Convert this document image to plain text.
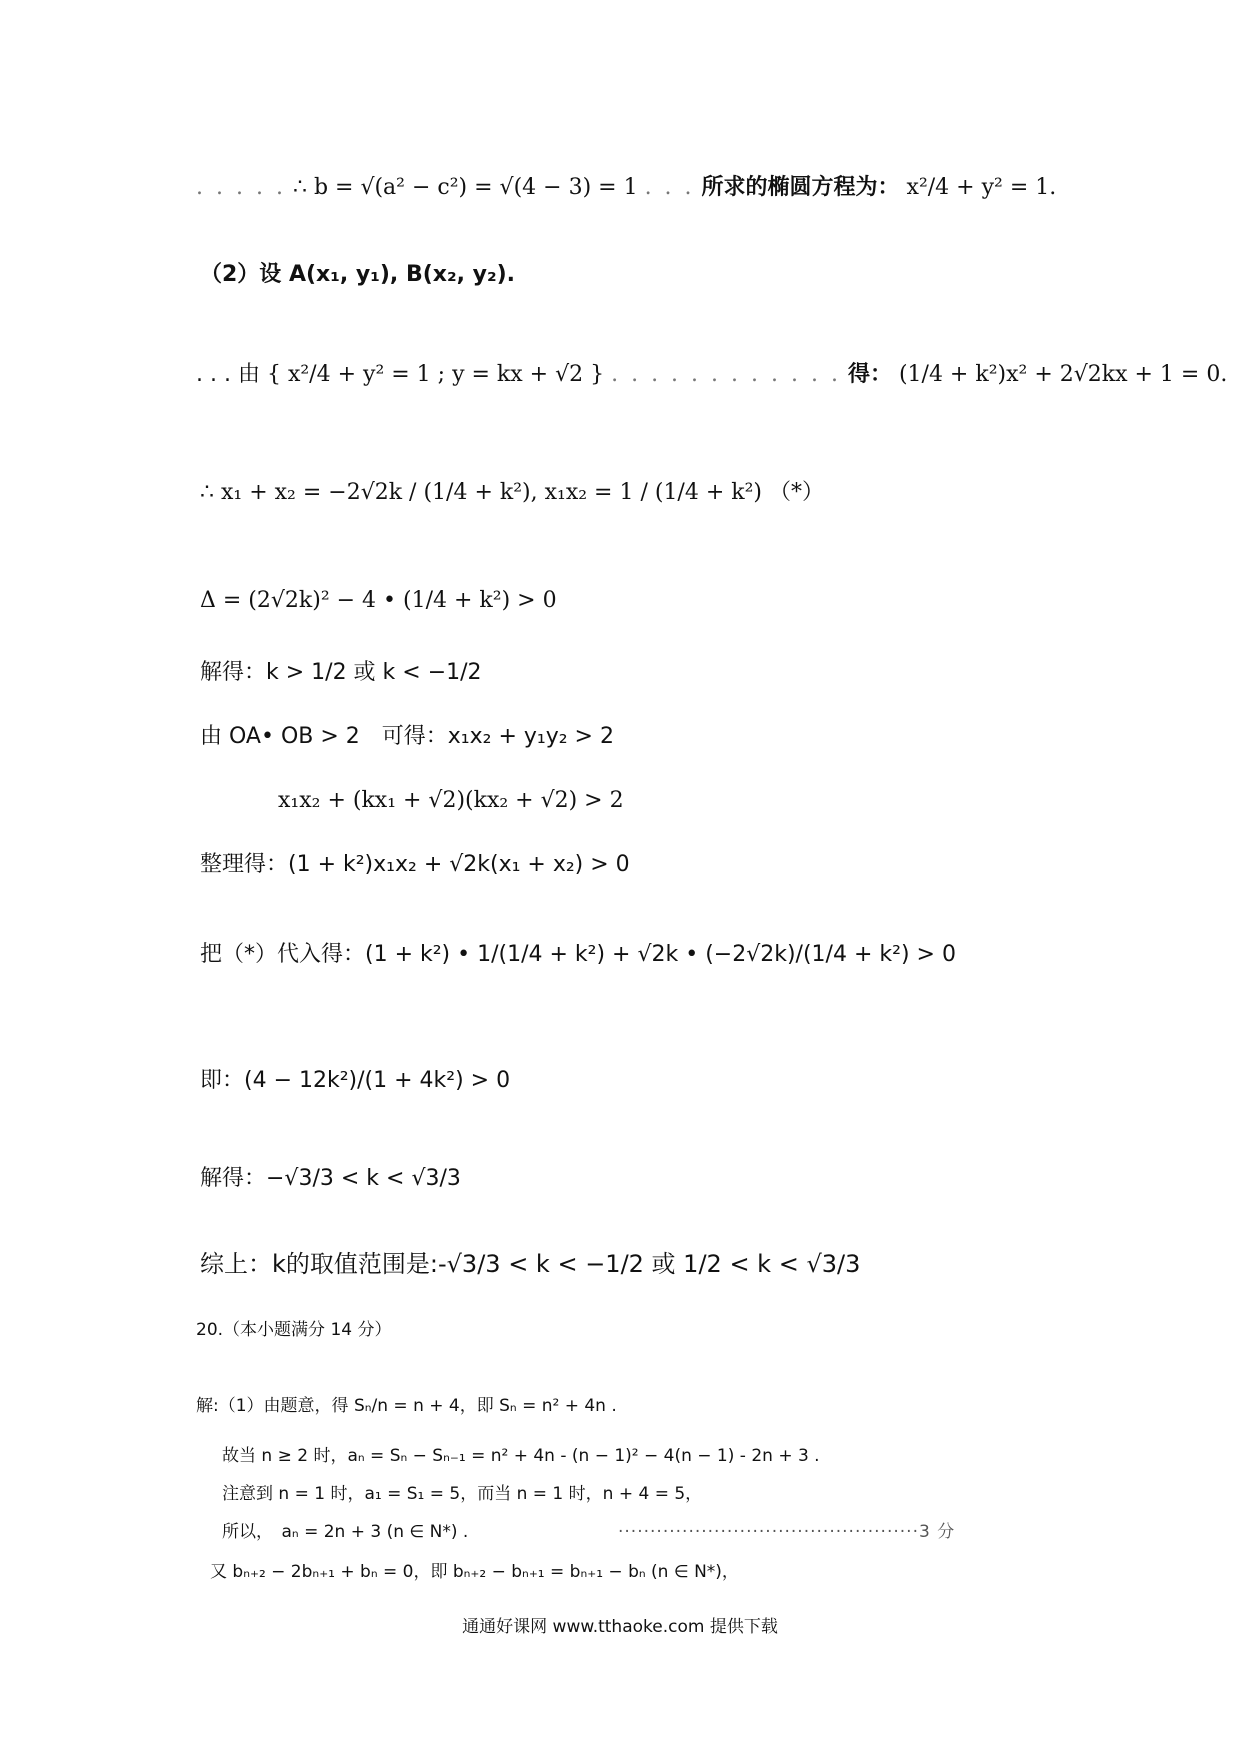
. . . . . ∴ b = √(a² − c²) = √(4 − 3) = 1 . . . 所求的椭圆方程为： x²/4 + y² = 1.
（2）设 A(x₁, y₁), B(x₂, y₂).
. . . 由 { x²/4 + y² = 1 ; y = kx + √2 } . . . . . . . . . . . . 得： (1/4 + k²)x² + 2√2kx + 1 = 0.
∴ x₁ + x₂ = −2√2k / (1/4 + k²), x₁x₂ = 1 / (1/4 + k²) （*）
Δ = (2√2k)² − 4 • (1/4 + k²) > 0
解得：k > 1/2 或 k < −1/2
由 OA• OB > 2　可得：x₁x₂ + y₁y₂ > 2
x₁x₂ + (kx₁ + √2)(kx₂ + √2) > 2
整理得：(1 + k²)x₁x₂ + √2k(x₁ + x₂) > 0
把（*）代入得：(1 + k²) • 1/(1/4 + k²) + √2k • (−2√2k)/(1/4 + k²) > 0
即：(4 − 12k²)/(1 + 4k²) > 0
解得：−√3/3 < k < √3/3
综上：k的取值范围是:-√3/3 < k < −1/2 或 1/2 < k < √3/3
20.（本小题满分 14 分）
解:（1）由题意，得 Sₙ/n = n + 4，即 Sₙ = n² + 4n .
故当 n ≥ 2 时，aₙ = Sₙ − Sₙ₋₁ = n² + 4n - (n − 1)² − 4(n − 1) - 2n + 3 .
注意到 n = 1 时，a₁ = S₁ = 5，而当 n = 1 时，n + 4 = 5，
所以，　aₙ = 2n + 3 (n ∈ N*) .	···············································3 分
又 bₙ₊₂ − 2bₙ₊₁ + bₙ = 0，即 bₙ₊₂ − bₙ₊₁ = bₙ₊₁ − bₙ (n ∈ N*)，
通通好课网 www.tthaoke.com 提供下载
